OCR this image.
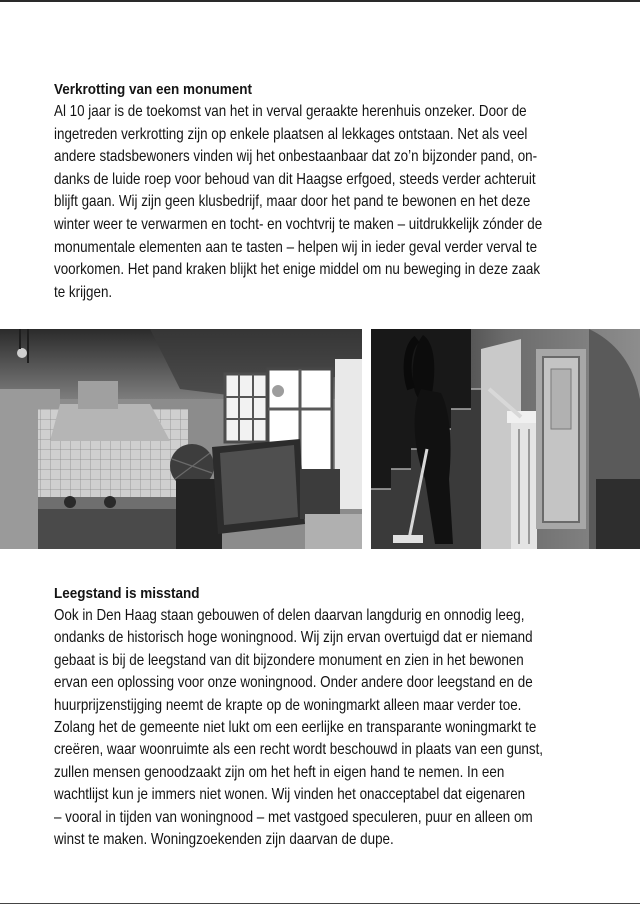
Verkrotting van een monument

Al 10 jaar is de toekomst van het in verval geraakte herenhuis onzeker. Door de

ingetreden verkrotting zijn op enkele plaatsen al lekkages ontstaan. Net als veel

andere stadsbewoners vinden wij het onbestaanbaar dat zo’n bijzonder pand, on-

danks de luide roep voor behoud van dit Haagse erfgoed, steeds verder achteruit

blijft gaan. Wij zijn geen klusbedrijf, maar door het pand te bewonen en het deze

winter weer te verwarmen en tocht- en vochtvrij te maken – uitdrukkelijk zónder de

monumentale elementen aan te tasten – helpen wij in ieder geval verder verval te

voorkomen. Het pand kraken blijkt het enige middel om nu beweging in deze zaak

te krijgen.

Leegstand is misstand

Ook in Den Haag staan gebouwen of delen daarvan langdurig en onnodig leeg,

ondanks de historisch hoge woningnood. Wij zijn ervan overtuigd dat er niemand

gebaat is bij de leegstand van dit bijzondere monument en zien in het bewonen

ervan een oplossing voor onze woningnood. Onder andere door leegstand en de

huurprijzenstijging neemt de krapte op de woningmarkt alleen maar verder toe.

Zolang het de gemeente niet lukt om een eerlijke en transparante woningmarkt te

creëren, waar woonruimte als een recht wordt beschouwd in plaats van een gunst,

zullen mensen genoodzaakt zijn om het heft in eigen hand te nemen. In een

wachtlijst kun je immers niet wonen. Wij vinden het onacceptabel dat eigenaren

– vooral in tijden van woningnood – met vastgoed speculeren, puur en alleen om

winst te maken. Woningzoekenden zijn daarvan de dupe.
